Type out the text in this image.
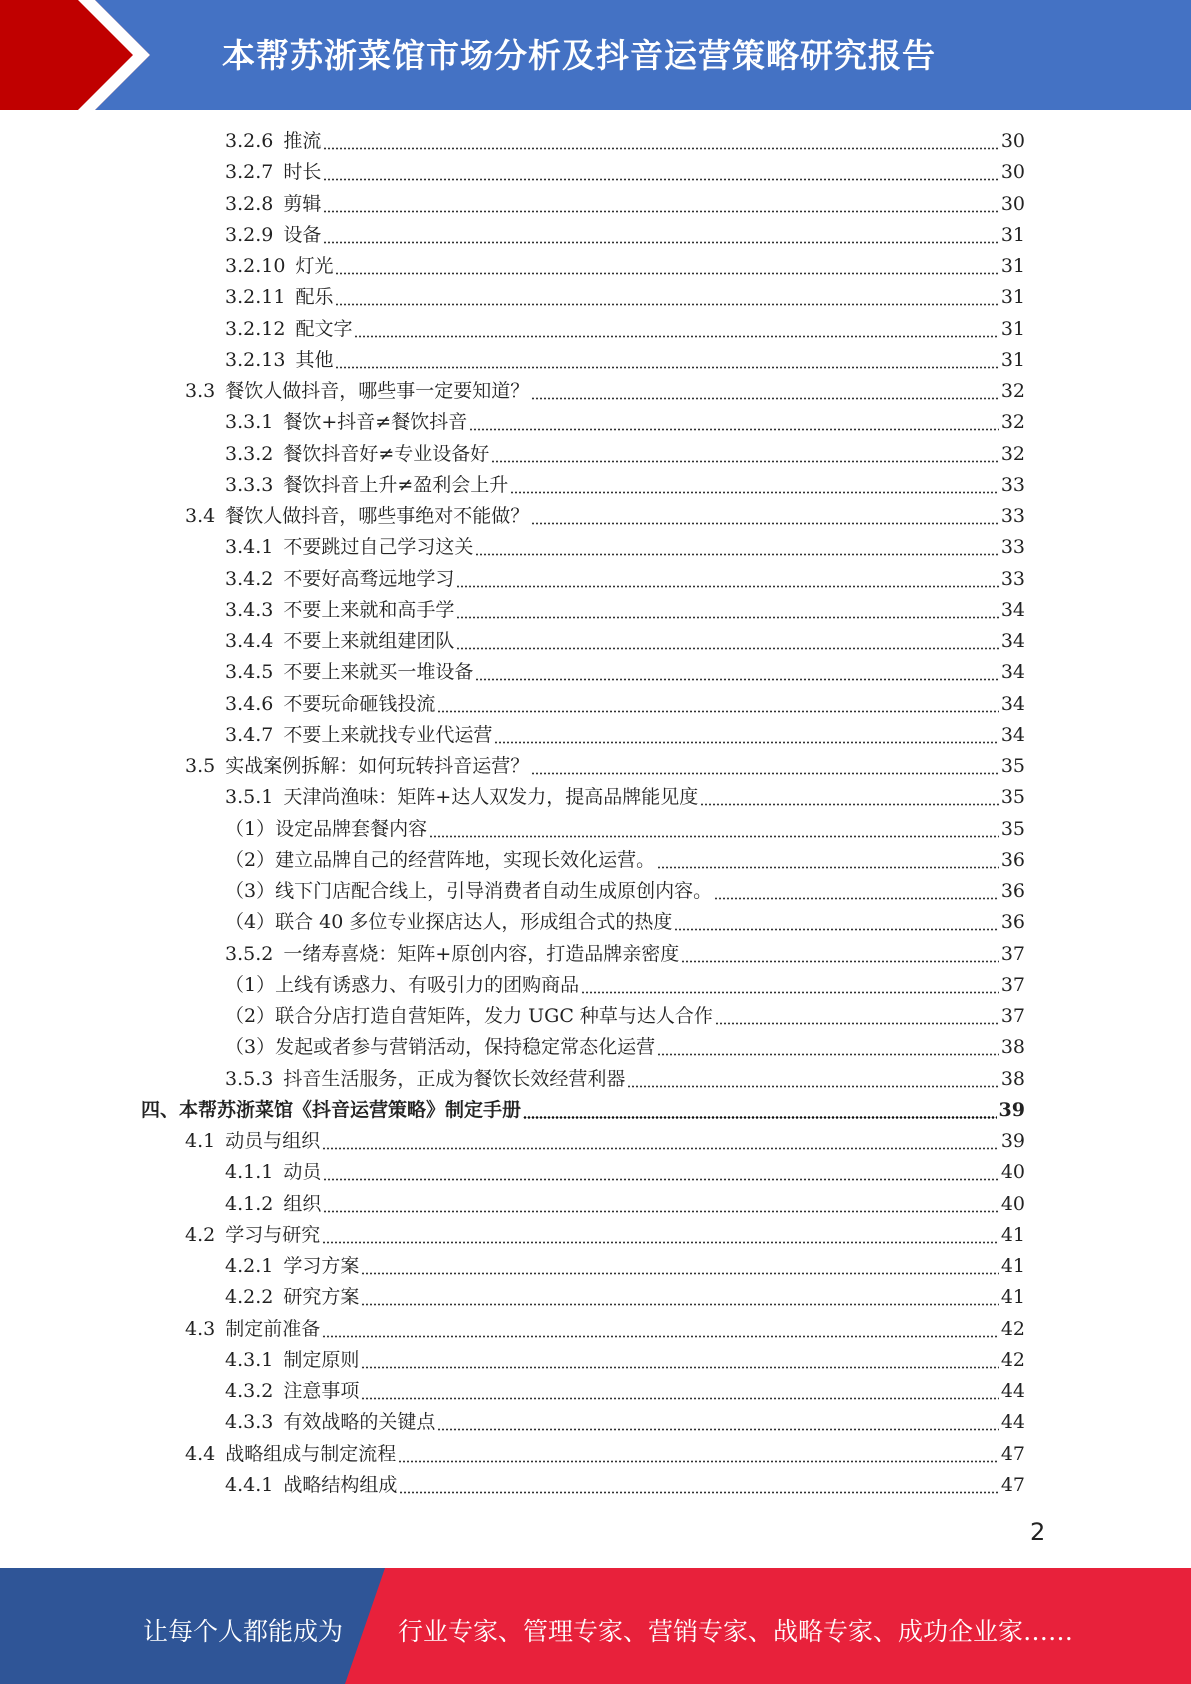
本帮苏浙菜馆市场分析及抖音运营策略研究报告
3.2.6 推流	30
3.2.7 时长	30
3.2.8 剪辑	30
3.2.9 设备	31
3.2.10 灯光	31
3.2.11 配乐	31
3.2.12 配文字	31
3.2.13 其他	31
3.3 餐饮人做抖音，哪些事一定要知道？	32
3.3.1 餐饮+抖音≠餐饮抖音	32
3.3.2 餐饮抖音好≠专业设备好	32
3.3.3 餐饮抖音上升≠盈利会上升	33
3.4 餐饮人做抖音，哪些事绝对不能做？	33
3.4.1 不要跳过自己学习这关	33
3.4.2 不要好高骛远地学习	33
3.4.3 不要上来就和高手学	34
3.4.4 不要上来就组建团队	34
3.4.5 不要上来就买一堆设备	34
3.4.6 不要玩命砸钱投流	34
3.4.7 不要上来就找专业代运营	34
3.5 实战案例拆解：如何玩转抖音运营？	35
3.5.1 天津尚渔味：矩阵+达人双发力，提高品牌能见度	35
（1）设定品牌套餐内容	35
（2）建立品牌自己的经营阵地，实现长效化运营。	36
（3）线下门店配合线上，引导消费者自动生成原创内容。	36
（4）联合 40 多位专业探店达人，形成组合式的热度	36
3.5.2 一绪寿喜烧：矩阵+原创内容，打造品牌亲密度	37
（1）上线有诱惑力、有吸引力的团购商品	37
（2）联合分店打造自营矩阵，发力 UGC 种草与达人合作	37
（3）发起或者参与营销活动，保持稳定常态化运营	38
3.5.3 抖音生活服务，正成为餐饮长效经营利器	38
四、本帮苏浙菜馆《抖音运营策略》制定手册	39
4.1 动员与组织	39
4.1.1 动员	40
4.1.2 组织	40
4.2 学习与研究	41
4.2.1 学习方案	41
4.2.2 研究方案	41
4.3 制定前准备	42
4.3.1 制定原则	42
4.3.2 注意事项	44
4.3.3 有效战略的关键点	44
4.4 战略组成与制定流程	47
4.4.1 战略结构组成	47
2
让每个人都能成为 行业专家、管理专家、营销专家、战略专家、成功企业家……
